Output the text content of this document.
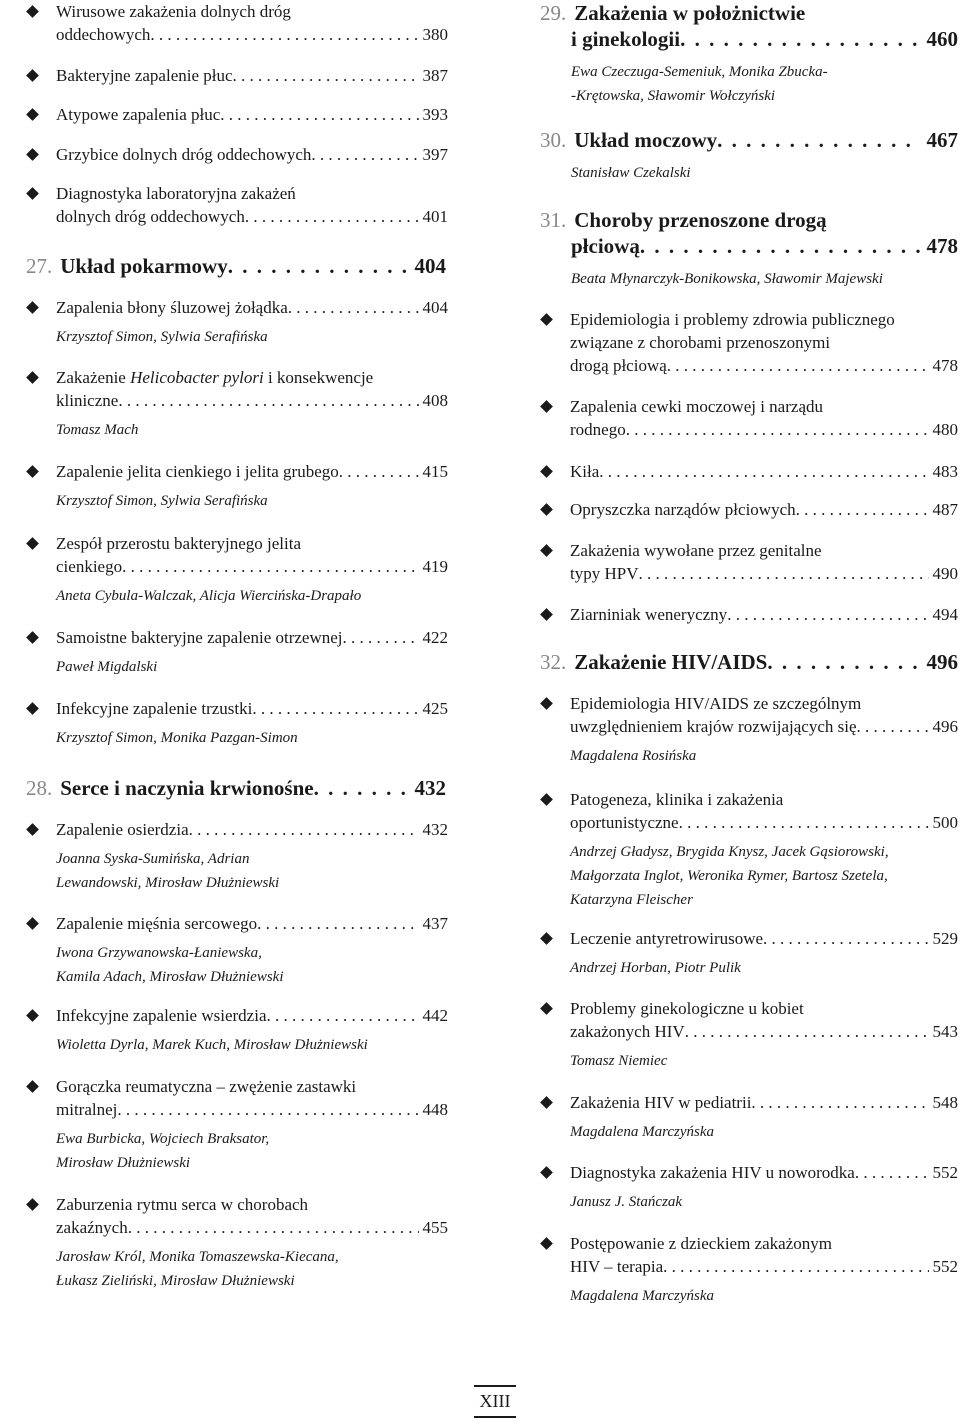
Wirusowe zakażenia dolnych dróg
oddechowych . . .	380
Bakteryjne zapalenie płuc . . .	387
Atypowe zapalenia płuc . . .	393
Grzybice dolnych dróg oddechowych . . .	397
Diagnostyka laboratoryjna zakażeń
dolnych dróg oddechowych . . .	401
27. Układ pokarmowy . . .	404
Zapalenia błony śluzowej żołądka . . .	404
Krzysztof Simon, Sylwia Serafińska
Zakażenie Helicobacter pylori i konsekwencje
kliniczne . . .	408
Tomasz Mach
Zapalenie jelita cienkiego i jelita grubego . . .	415
Krzysztof Simon, Sylwia Serafińska
Zespół przerostu bakteryjnego jelita
cienkiego . . .	419
Aneta Cybula-Walczak, Alicja Wiercińska-Drapało
Samoistne bakteryjne zapalenie otrzewnej . . .	422
Paweł Migdalski
Infekcyjne zapalenie trzustki . . .	425
Krzysztof Simon, Monika Pazgan-Simon
28. Serce i naczynia krwionośne . . .	432
Zapalenie osierdzia . . .	432
Joanna Syska-Sumińska, Adrian
Lewandowski, Mirosław Dłużniewski
Zapalenie mięśnia sercowego . . .	437
Iwona Grzywanowska-Łaniewska,
Kamila Adach, Mirosław Dłużniewski
Infekcyjne zapalenie wsierdzia . . .	442
Wioletta Dyrla, Marek Kuch, Mirosław Dłużniewski
Gorączka reumatyczna – zwężenie zastawki
mitralnej . . .	448
Ewa Burbicka, Wojciech Braksator,
Mirosław Dłużniewski
Zaburzenia rytmu serca w chorobach
zakaźnych . . .	455
Jarosław Król, Monika Tomaszewska-Kiecana,
Łukasz Zieliński, Mirosław Dłużniewski
29. Zakażenia w położnictwie
i ginekologii . . .	460
Ewa Czeczuga-Semeniuk, Monika Zbucka-
-Krętowska, Sławomir Wołczyński
30. Układ moczowy . . .	467
Stanisław Czekalski
31. Choroby przenoszone drogą
płciową . . .	478
Beata Młynarczyk-Bonikowska, Sławomir Majewski
Epidemiologia i problemy zdrowia publicznego
związane z chorobami przenoszonymi
drogą płciową . . .	478
Zapalenia cewki moczowej i narządu
rodnego . . .	480
Kiła . . .	483
Opryszczka narządów płciowych . . .	487
Zakażenia wywołane przez genitalne
typy HPV . . .	490
Ziarniniak weneryczny . . .	494
32. Zakażenie HIV/AIDS . . .	496
Epidemiologia HIV/AIDS ze szczególnym
uwzględnieniem krajów rozwijających się . . .	496
Magdalena Rosińska
Patogeneza, klinika i zakażenia
oportunistyczne . . .	500
Andrzej Gładysz, Brygida Knysz, Jacek Gąsiorowski,
Małgorzata Inglot, Weronika Rymer, Bartosz Szetela,
Katarzyna Fleischer
Leczenie antyretrowirusowe . . .	529
Andrzej Horban, Piotr Pulik
Problemy ginekologiczne u kobiet
zakażonych HIV . . .	543
Tomasz Niemiec
Zakażenia HIV w pediatrii . . .	548
Magdalena Marczyńska
Diagnostyka zakażenia HIV u noworodka . . .	552
Janusz J. Stańczak
Postępowanie z dzieckiem zakażonym
HIV – terapia . . .	552
Magdalena Marczyńska
XIII
